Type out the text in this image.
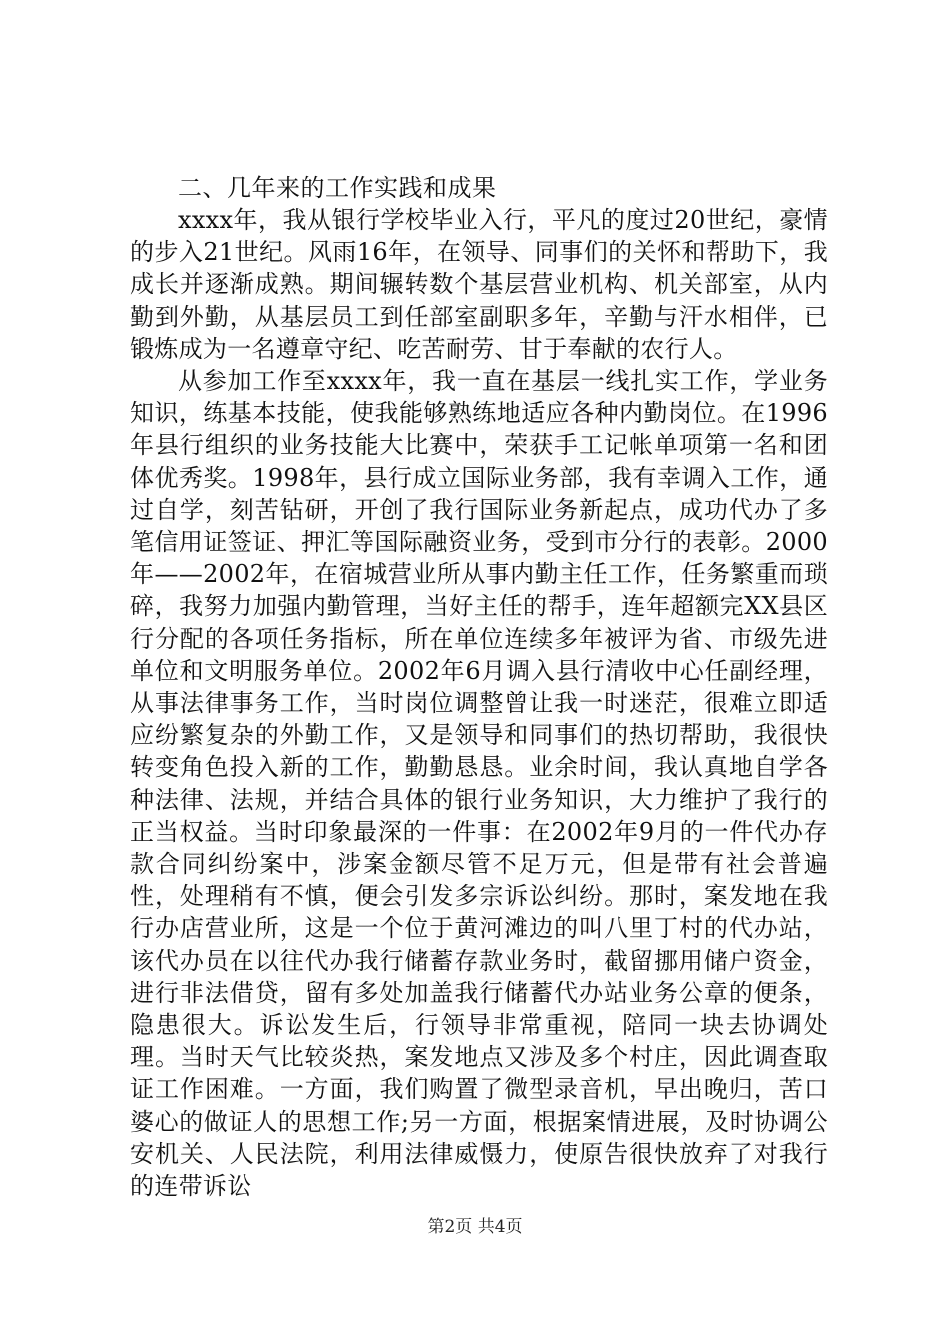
二、几年来的工作实践和成果

xxxx年，我从银行学校毕业入行，平凡的度过20世纪，豪情的步入21世纪。风雨16年，在领导、同事们的关怀和帮助下，我成长并逐渐成熟。期间辗转数个基层营业机构、机关部室，从内勤到外勤，从基层员工到任部室副职多年，辛勤与汗水相伴，已锻炼成为一名遵章守纪、吃苦耐劳、甘于奉献的农行人。

从参加工作至xxxx年，我一直在基层一线扎实工作，学业务知识，练基本技能，使我能够熟练地适应各种内勤岗位。在1996年县行组织的业务技能大比赛中，荣获手工记帐单项第一名和团体优秀奖。1998年，县行成立国际业务部，我有幸调入工作，通过自学，刻苦钻研，开创了我行国际业务新起点，成功代办了多笔信用证签证、押汇等国际融资业务，受到市分行的表彰。2000年——2002年，在宿城营业所从事内勤主任工作，任务繁重而琐碎，我努力加强内勤管理，当好主任的帮手，连年超额完XX县区行分配的各项任务指标，所在单位连续多年被评为省、市级先进单位和文明服务单位。2002年6月调入县行清收中心任副经理，从事法律事务工作，当时岗位调整曾让我一时迷茫，很难立即适应纷繁复杂的外勤工作，又是领导和同事们的热切帮助，我很快转变角色投入新的工作，勤勤恳恳。业余时间，我认真地自学各种法律、法规，并结合具体的银行业务知识，大力维护了我行的正当权益。当时印象最深的一件事：在2002年9月的一件代办存款合同纠纷案中，涉案金额尽管不足万元，但是带有社会普遍性，处理稍有不慎，便会引发多宗诉讼纠纷。那时，案发地在我行办店营业所，这是一个位于黄河滩边的叫八里丁村的代办站，该代办员在以往代办我行储蓄存款业务时，截留挪用储户资金，进行非法借贷，留有多处加盖我行储蓄代办站业务公章的便条，隐患很大。诉讼发生后，行领导非常重视，陪同一块去协调处理。当时天气比较炎热，案发地点又涉及多个村庄，因此调查取证工作困难。一方面，我们购置了微型录音机，早出晚归，苦口婆心的做证人的思想工作;另一方面，根据案情进展，及时协调公安机关、人民法院，利用法律威慑力，使原告很快放弃了对我行的连带诉讼

第2页 共4页
